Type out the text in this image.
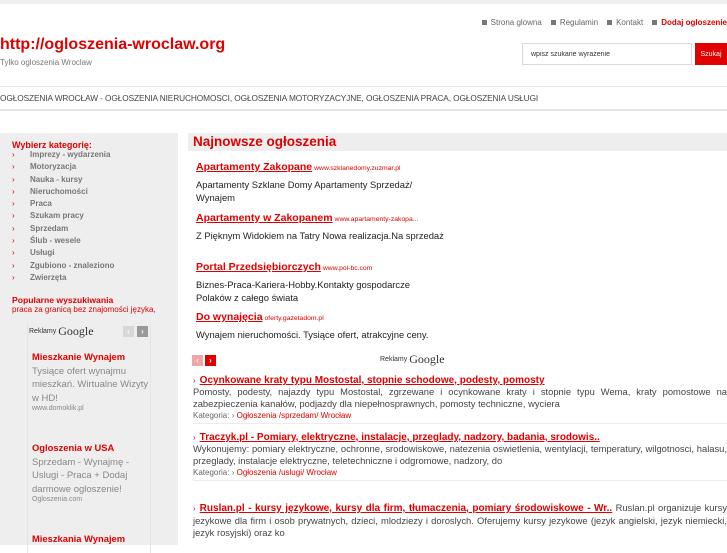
http://ogloszenia-wroclaw.org
Tylko ogloszenia Wroclaw
Strona glowna Regulamin Kontakt Dodaj ogloszenie
wpisz szukane wyrażenie
Szukaj
OGŁOSZENIA WROCŁAW - OGŁOSZENIA NIERUCHOMOSCI, OGŁOSZENIA MOTORYZACYJNE, OGŁOSZENIA PRACA, OGŁOSZENIA USŁUGI
Wybierz kategorię:
›	Imprezy - wydarzenia
›	Motoryzacja
›	Nauka - kursy
›	Nieruchomości
›	Praca
›	Szukam pracy
›	Sprzedam
›	Ślub - wesele
›	Usługi
›	Zgubiono - znaleziono
›	Zwierzęta
Popularne wyszukiwania
praca za granicą bez znajomości języka,
Reklamy Google	‹	›
Mieszkanie Wynajem
Tysiące ofert wynajmu mieszkań. Wirtualne Wizyty w HD!
www.domoklik.pl
Ogloszenia w USA
Sprzedam - Wynajmę - Uslugi - Praca + Dodaj darmowe ogloszenie!
Ogloszenia.com
Mieszkania Wynajem
Najnowsze ogłoszenia
Apartamenty Zakopane www.szklanedomy.zuzmar.pl
Apartamenty Szklane Domy Apartamenty Sprzedaż/ Wynajem
Apartamenty w Zakopanem www.apartamenty-zakopa...
Z Pięknym Widokiem na Tatry Nowa realizacja.Na sprzedaż
Portal Przedsiębiorczych www.pol-bc.com
Biznes-Praca-Kariera-Hobby.Kontakty gospodarcze Polaków z całego świata
Do wynajęcia oferty.gazetadom.pl
Wynajem nieruchomości. Tysiące ofert, atrakcyjne ceny.
‹	›	Reklamy Google
› Ocynkowane kraty typu Mostostal, stopnie schodowe, podesty, pomosty
Pomosty, podesty, najazdy typu Mostostal, zgrzewane i ocynkowane kraty i stopnie typu Wema, kraty pomostowe na zabezpieczenia kanałów, podjazdy dla niepełnosprawnych, pomosty techniczne, wyciera
Kategoria: › Ogłoszenia /sprzedam/ Wrocław
› Traczyk.pl - Pomiary, elektryczne, instalacje, przeglady, nadzory, badania, srodowis..
Wykonujemy: pomiary elektryczne, ochronne, srodowiskowe, natezenia oswietlenia, wentylacji, temperatury, wilgotnosci, halasu, przeglady, instalacje elektryczne, teletechniczne i odgromowe, nadzory, do
Kategoria: › Ogłoszenia /uslugi/ Wrocław
› Ruslan.pl - kursy językowe, kursy dla firm, tłumaczenia, pomiary środowiskowe - Wr.. Ruslan.pl organizuje kursy jezykowe dla firm i osob prywatnych, dzieci, mlodziezy i doroslych. Oferujemy kursy jezykowe (jezyk angielski, jezyk niemiecki, jezyk rosyjski) oraz ko
